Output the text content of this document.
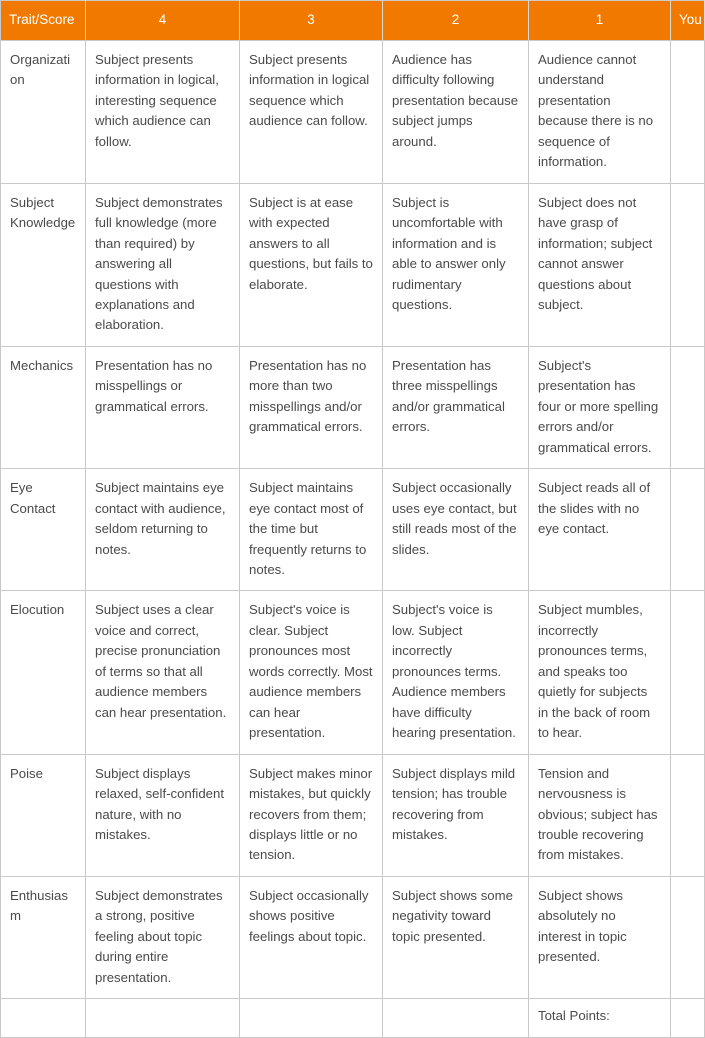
Trait/Score	4	3	2	1	You
Organization	Subject presents information in logical, interesting sequence which audience can follow.	Subject presents information in logical sequence which audience can follow.	Audience has difficulty following presentation because subject jumps around.	Audience cannot understand presentation because there is no sequence of information.	
Subject Knowledge	Subject demonstrates full knowledge (more than required) by answering all questions with explanations and elaboration.	Subject is at ease with expected answers to all questions, but fails to elaborate.	Subject is uncomfortable with information and is able to answer only rudimentary questions.	Subject does not have grasp of information; subject cannot answer questions about subject.	
Mechanics	Presentation has no misspellings or grammatical errors.	Presentation has no more than two misspellings and/or grammatical errors.	Presentation has three misspellings and/or grammatical errors.	Subject's presentation has four or more spelling errors and/or grammatical errors.	
Eye Contact	Subject maintains eye contact with audience, seldom returning to notes.	Subject maintains eye contact most of the time but frequently returns to notes.	Subject occasionally uses eye contact, but still reads most of the slides.	Subject reads all of the slides with no eye contact.	
Elocution	Subject uses a clear voice and correct, precise pronunciation of terms so that all audience members can hear presentation.	Subject's voice is clear. Subject pronounces most words correctly. Most audience members can hear presentation.	Subject's voice is low. Subject incorrectly pronounces terms. Audience members have difficulty hearing presentation.	Subject mumbles, incorrectly pronounces terms, and speaks too quietly for subjects in the back of room to hear.	
Poise	Subject displays relaxed, self-confident nature, with no mistakes.	Subject makes minor mistakes, but quickly recovers from them; displays little or no tension.	Subject displays mild tension; has trouble recovering from mistakes.	Tension and nervousness is obvious; subject has trouble recovering from mistakes.	
Enthusiasm	Subject demonstrates a strong, positive feeling about topic during entire presentation.	Subject occasionally shows positive feelings about topic.	Subject shows some negativity toward topic presented.	Subject shows absolutely no interest in topic presented.	
				Total Points:	
